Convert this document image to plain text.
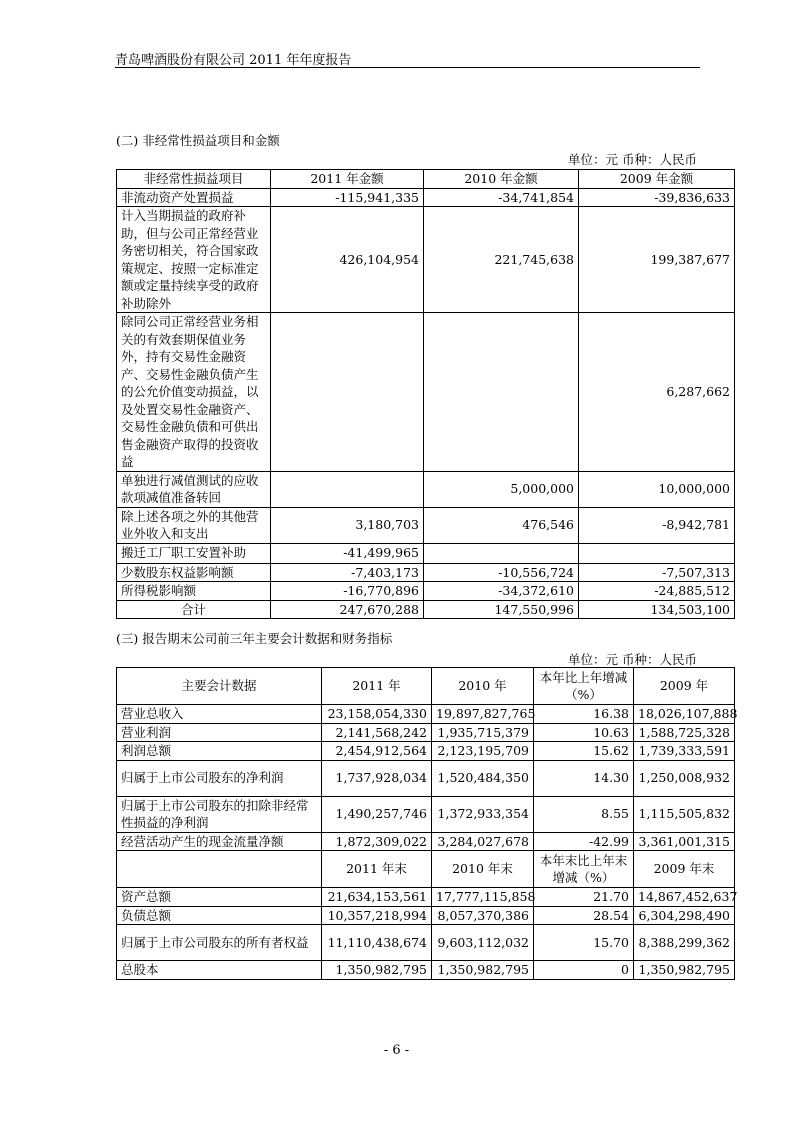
青岛啤酒股份有限公司 2011 年年度报告
(二) 非经常性损益项目和金额
单位：元 币种：人民币
非经常性损益项目	2011 年金额	2010 年金额	2009 年金额
非流动资产处置损益	-115,941,335	-34,741,854	-39,836,633
计入当期损益的政府补助，但与公司正常经营业务密切相关，符合国家政策规定、按照一定标准定额或定量持续享受的政府补助除外	426,104,954	221,745,638	199,387,677
除同公司正常经营业务相关的有效套期保值业务外，持有交易性金融资产、交易性金融负债产生的公允价值变动损益，以及处置交易性金融资产、交易性金融负债和可供出售金融资产取得的投资收益			6,287,662
单独进行减值测试的应收款项减值准备转回		5,000,000	10,000,000
除上述各项之外的其他营业外收入和支出	3,180,703	476,546	-8,942,781
搬迁工厂职工安置补助	-41,499,965		
少数股东权益影响额	-7,403,173	-10,556,724	-7,507,313
所得税影响额	-16,770,896	-34,372,610	-24,885,512
合计	247,670,288	147,550,996	134,503,100
(三) 报告期末公司前三年主要会计数据和财务指标
单位：元 币种：人民币
主要会计数据	2011 年	2010 年	本年比上年增减（%）	2009 年
营业总收入	23,158,054,330	19,897,827,765	16.38	18,026,107,888
营业利润	2,141,568,242	1,935,715,379	10.63	1,588,725,328
利润总额	2,454,912,564	2,123,195,709	15.62	1,739,333,591
归属于上市公司股东的净利润	1,737,928,034	1,520,484,350	14.30	1,250,008,932
归属于上市公司股东的扣除非经常性损益的净利润	1,490,257,746	1,372,933,354	8.55	1,115,505,832
经营活动产生的现金流量净额	1,872,309,022	3,284,027,678	-42.99	3,361,001,315
	2011 年末	2010 年末	本年末比上年末增减（%）	2009 年末
资产总额	21,634,153,561	17,777,115,858	21.70	14,867,452,637
负债总额	10,357,218,994	8,057,370,386	28.54	6,304,298,490
归属于上市公司股东的所有者权益	11,110,438,674	9,603,112,032	15.70	8,388,299,362
总股本	1,350,982,795	1,350,982,795	0	1,350,982,795
- 6 -
